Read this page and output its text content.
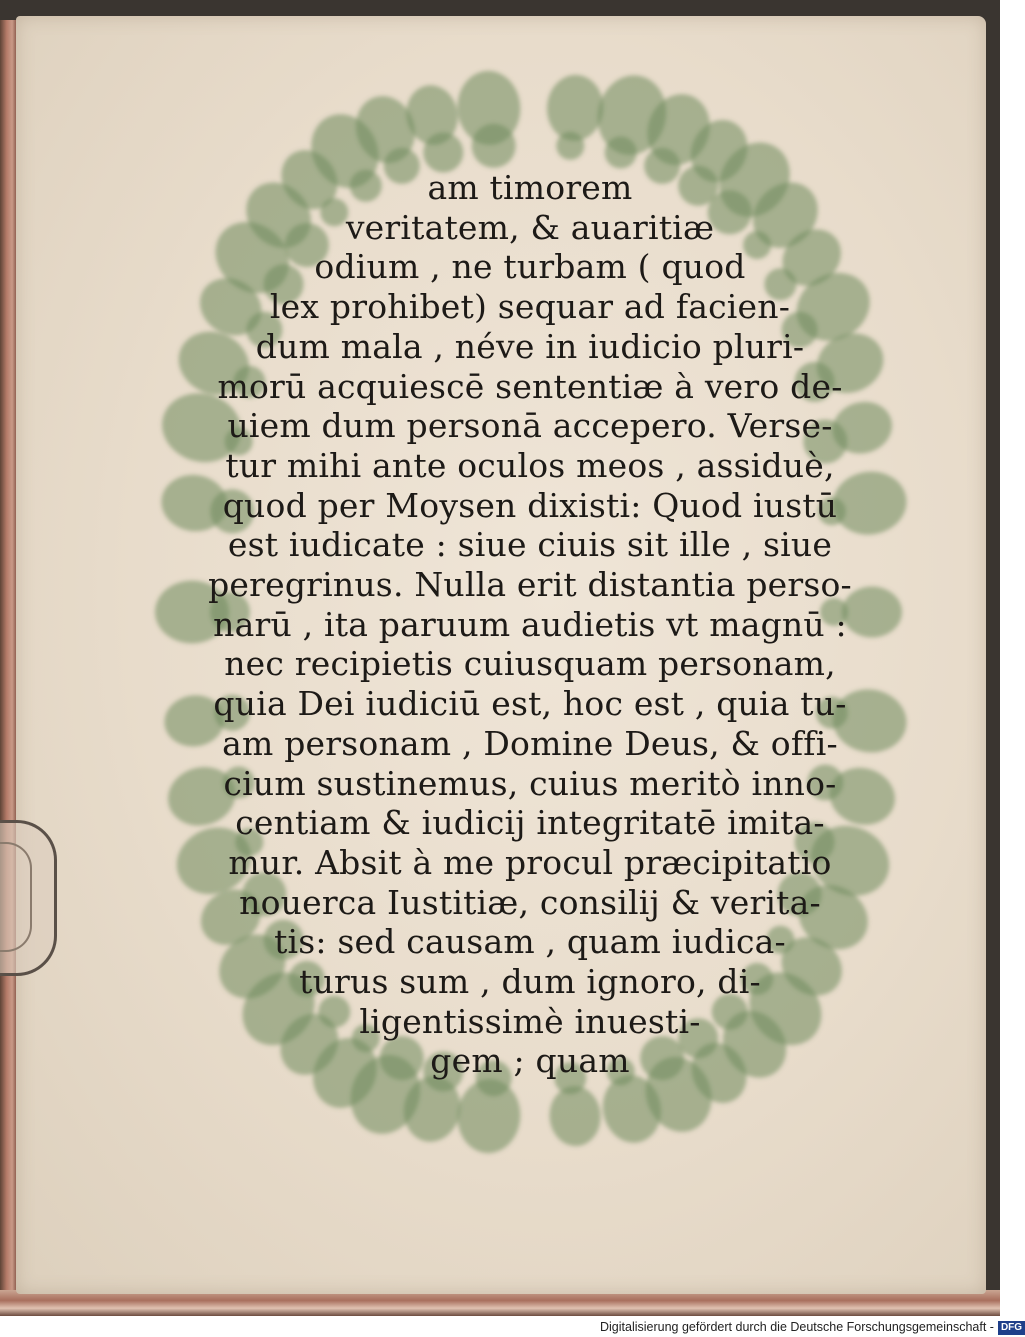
am timorem
veritatem, & auaritiæ
odium , ne turbam ( quod
lex prohibet) sequar ad facien-
dum mala , néve in iudicio pluri-
morū acquiescē sententiæ à vero de-
uiem dum personā accepero. Verse-
tur mihi ante oculos meos , assiduè,
quod per Moysen dixisti: Quod iustū
est iudicate : siue ciuis sit ille , siue
peregrinus. Nulla erit distantia perso-
narū , ita paruum audietis vt magnū :
nec recipietis cuiusquam personam,
quia Dei iudiciū est, hoc est , quia tu-
am personam , Domine Deus, & offi-
cium sustinemus, cuius meritò inno-
centiam & iudicij integritatē imita-
mur. Absit à me procul præcipitatio
nouerca Iustitiæ, consilij & verita-
tis: sed causam , quam iudica-
turus sum , dum ignoro, di-
ligentissimè inuesti-
gem ; quam
Digitalisierung gefördert durch die Deutsche Forschungsgemeinschaft - DFG
